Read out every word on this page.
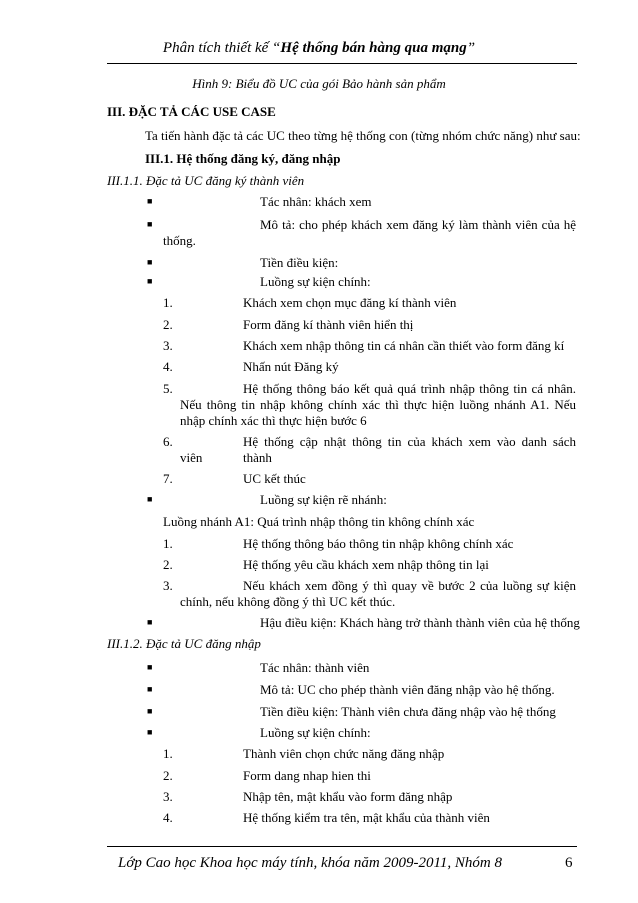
Phân tích thiết kế “Hệ thống bán hàng qua mạng”
Hình 9: Biểu đồ UC của gói Bảo hành sản phẩm
III. ĐẶC TẢ CÁC USE CASE
Ta tiến hành đặc tả các UC theo từng hệ thống con (từng nhóm chức năng) như sau:
III.1. Hệ thống đăng ký, đăng nhập
III.1.1. Đặc tả UC đăng ký thành viên
■	Tác nhân: khách xem
■	Mô tả: cho phép khách xem đăng ký làm thành viên của hệ
thống.
■	Tiền điều kiện:
■	Luồng sự kiện chính:
1.	Khách xem chọn mục đăng kí thành viên
2.	Form đăng kí thành viên hiển thị
3.	Khách xem nhập thông tin cá nhân cần thiết vào form đăng kí
4.	Nhấn nút Đăng ký
5.	Hệ thống thông báo kết quả quá trình nhập thông tin cá nhân.
Nếu thông tin nhập không chính xác thì thực hiện luồng nhánh A1. Nếu
nhập chính xác thì thực hiện bước 6
6.	Hệ thống cập nhật thông tin của khách xem vào danh sách thành
viên
7.	UC kết thúc
■	Luồng sự kiện rẽ nhánh:
Luồng nhánh A1: Quá trình nhập thông tin không chính xác
1.	Hệ thống thông báo thông tin nhập không chính xác
2.	Hệ thống yêu cầu khách xem nhập thông tin lại
3.	Nếu khách xem đồng ý thì quay về bước 2 của luồng sự kiện
chính, nếu không đồng ý thì UC kết thúc.
■	Hậu điều kiện: Khách hàng trở thành thành viên của hệ thống
III.1.2. Đặc tả UC đăng nhập
■	Tác nhân: thành viên
■	Mô tả: UC cho phép thành viên đăng nhập vào hệ thống.
■	Tiền điều kiện: Thành viên chưa đăng nhập vào hệ thống
■	Luồng sự kiện chính:
1.	Thành viên chọn chức năng đăng nhập
2.	Form dang nhap hien thi
3.	Nhập tên, mật khẩu vào form đăng nhập
4.	Hệ thống kiểm tra tên, mật khẩu của thành viên
Lớp Cao học Khoa học máy tính, khóa năm 2009-2011, Nhóm 8	6
